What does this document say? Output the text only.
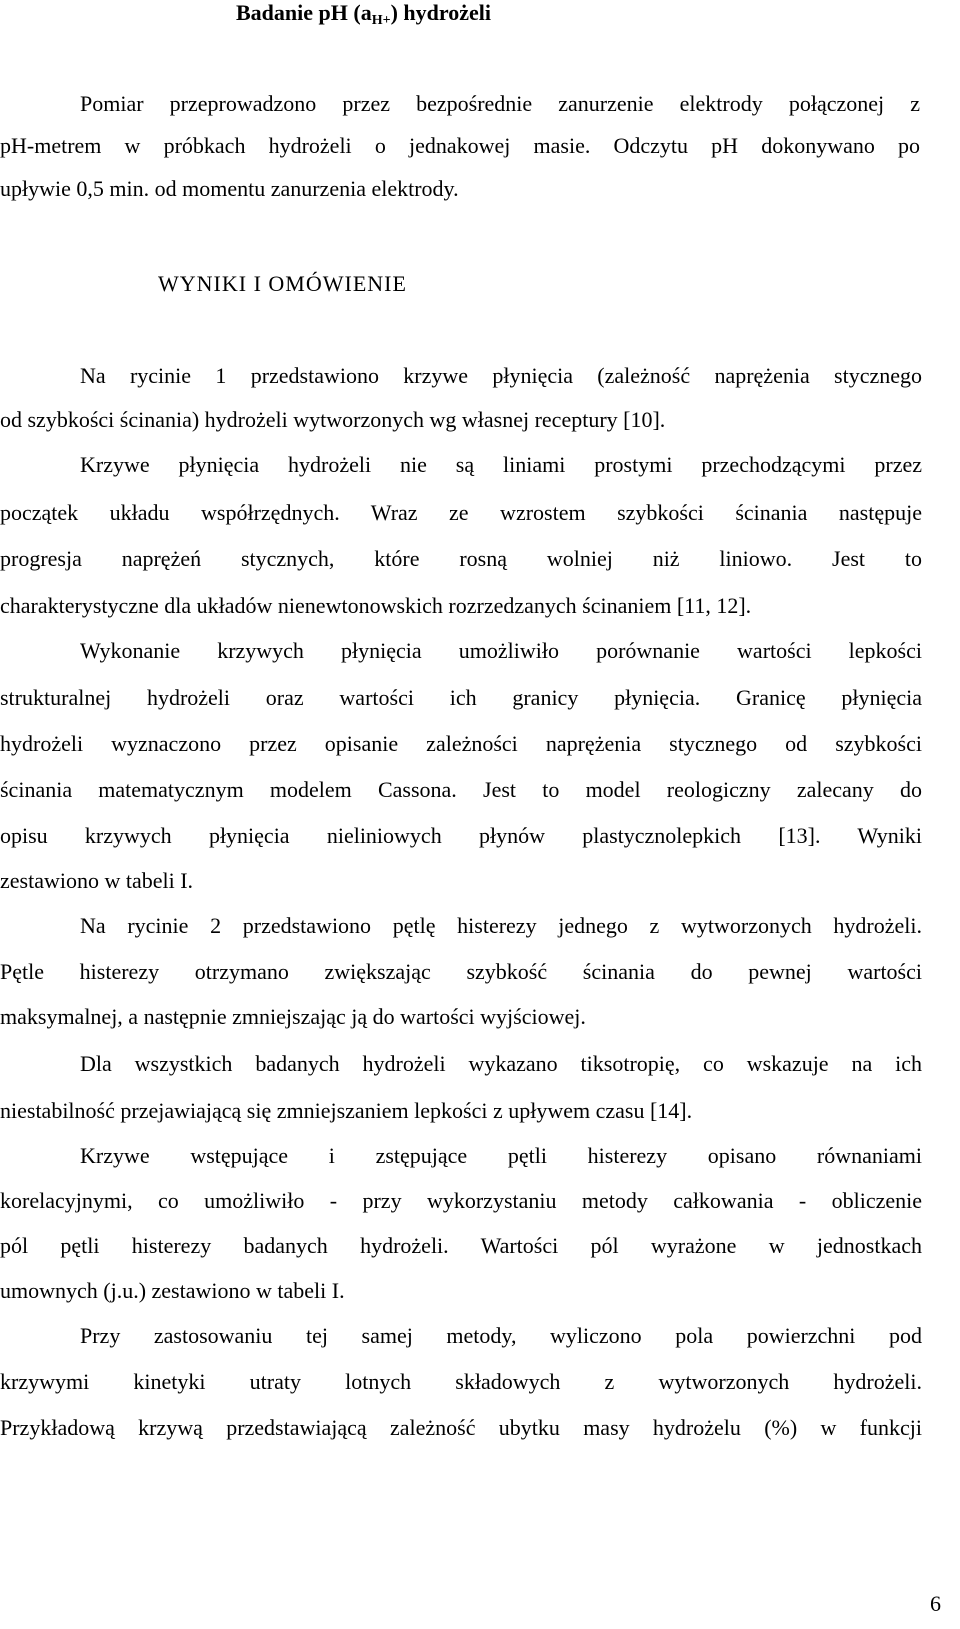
Badanie pH $(a_{H+})$ hydrożeli
Pomiar przeprowadzono przez bezpośrednie zanurzenie elektrody połączonej z
pH-metrem w próbkach hydrożeli o jednakowej masie. Odczytu pH dokonywano po
upływie 0,5 min. od momentu zanurzenia elektrody.
WYNIKI I OMÓWIENIE
Na rycinie 1 przedstawiono krzywe płynięcia (zależność naprężenia stycznego
od szybkości ścinania) hydrożeli wytworzonych wg własnej receptury [10].
Krzywe płynięcia hydrożeli nie są liniami prostymi przechodzącymi przez
początek układu współrzędnych. Wraz ze wzrostem szybkości ścinania następuje
progresja naprężeń stycznych, które rosną wolniej niż liniowo. Jest to
charakterystyczne dla układów nienewtonowskich rozrzedzanych ścinaniem [11, 12].
Wykonanie krzywych płynięcia umożliwiło porównanie wartości lepkości
strukturalnej hydrożeli oraz wartości ich granicy płynięcia. Granicę płynięcia
hydrożeli wyznaczono przez opisanie zależności naprężenia stycznego od szybkości
ścinania matematycznym modelem Cassona. Jest to model reologiczny zalecany do
opisu krzywych płynięcia nieliniowych płynów plastycznolepkich [13]. Wyniki
zestawiono w tabeli I.
Na rycinie 2 przedstawiono pętlę histerezy jednego z wytworzonych hydrożeli.
Pętle histerezy otrzymano zwiększając szybkość ścinania do pewnej wartości
maksymalnej, a następnie zmniejszając ją do wartości wyjściowej.
Dla wszystkich badanych hydrożeli wykazano tiksotropię, co wskazuje na ich
niestabilność przejawiającą się zmniejszaniem lepkości z upływem czasu [14].
Krzywe wstępujące i zstępujące pętli histerezy opisano równaniami
korelacyjnymi, co umożliwiło - przy wykorzystaniu metody całkowania - obliczenie
pól pętli histerezy badanych hydrożeli. Wartości pól wyrażone w jednostkach
umownych (j.u.) zestawiono w tabeli I.
Przy zastosowaniu tej samej metody, wyliczono pola powierzchni pod
krzywymi kinetyki utraty lotnych składowych z wytworzonych hydrożeli.
Przykładową krzywą przedstawiającą zależność ubytku masy hydrożelu (%) w funkcji
6
